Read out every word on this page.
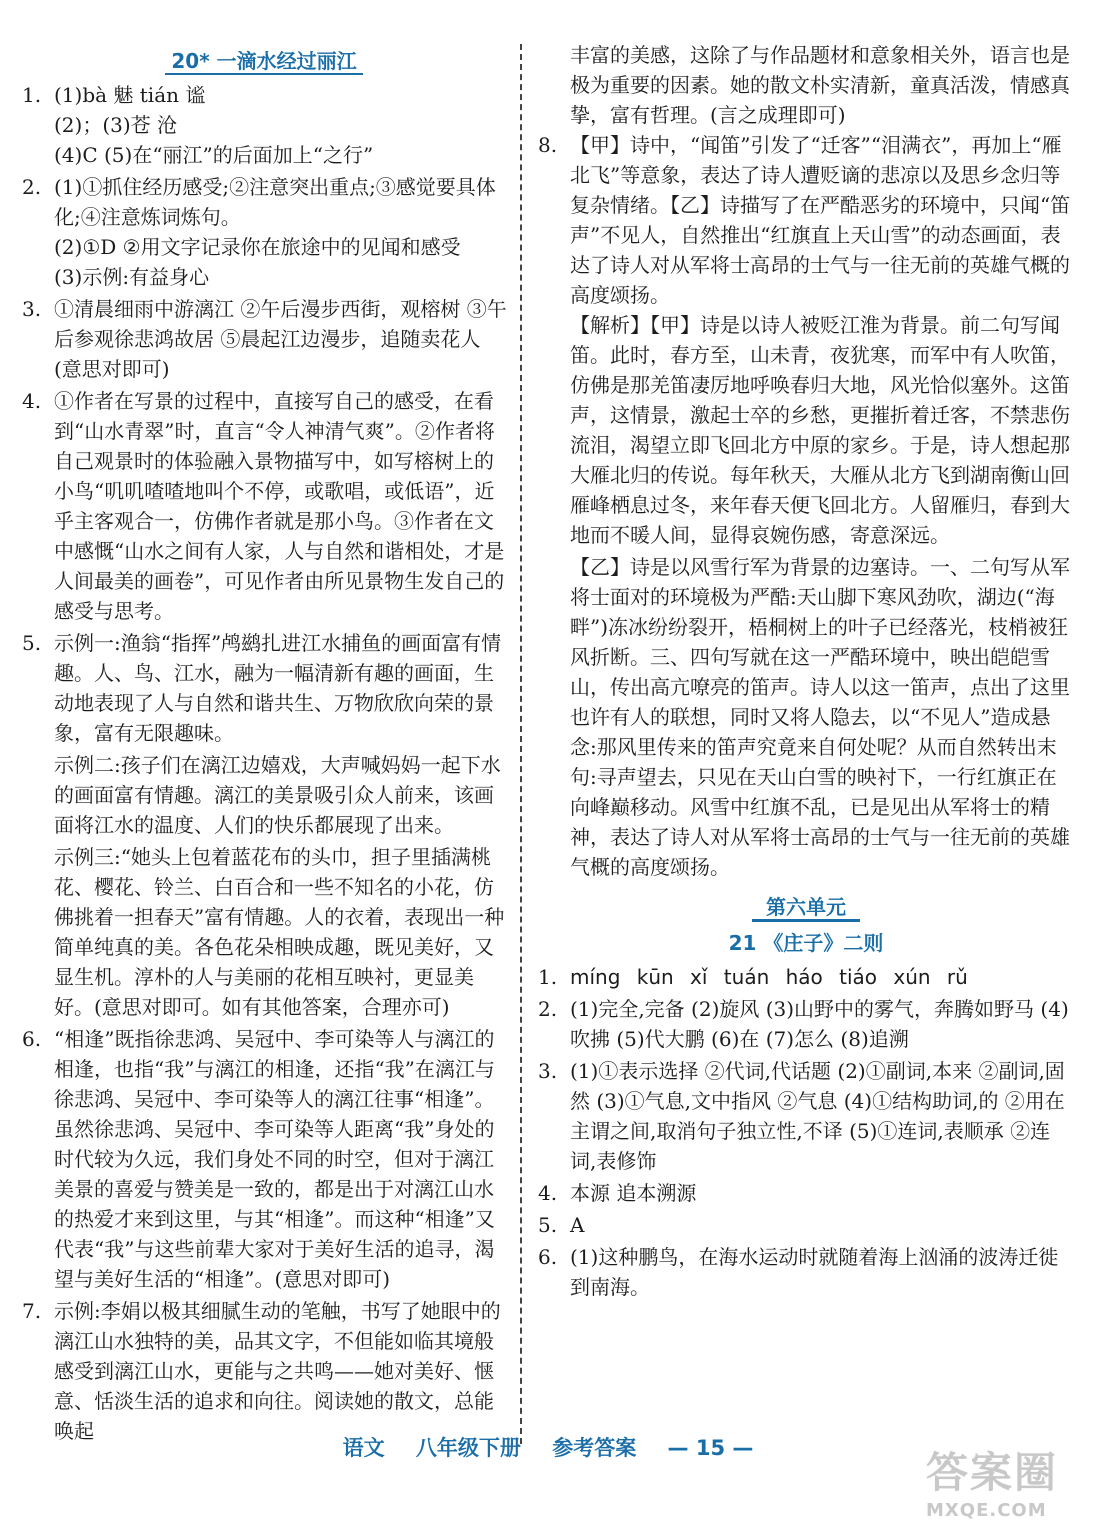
20* 一滴水经过丽江
1. (1)bà 魅 tián 谧

(2)；(3)苍 沧

(4)C (5)在“丽江”的后面加上“之行”

2. (1)①抓住经历感受;②注意突出重点;③感觉要具体化;④注意炼词炼句。

(2)①D ②用文字记录你在旅途中的见闻和感受

(3)示例:有益身心

3. ①清晨细雨中游漓江 ②午后漫步西街，观榕树 ③午后参观徐悲鸿故居 ⑤晨起江边漫步，追随卖花人(意思对即可)

4. ①作者在写景的过程中，直接写自己的感受，在看到“山水青翠”时，直言“令人神清气爽”。②作者将自己观景时的体验融入景物描写中，如写榕树上的小鸟“叽叽喳喳地叫个不停，或歌唱，或低语”，近乎主客观合一，仿佛作者就是那小鸟。③作者在文中感慨“山水之间有人家，人与自然和谐相处，才是人间最美的画卷”，可见作者由所见景物生发自己的感受与思考。

5. 示例一:渔翁“指挥”鸬鹚扎进江水捕鱼的画面富有情趣。人、鸟、江水，融为一幅清新有趣的画面，生动地表现了人与自然和谐共生、万物欣欣向荣的景象，富有无限趣味。

示例二:孩子们在漓江边嬉戏，大声喊妈妈一起下水的画面富有情趣。漓江的美景吸引众人前来，该画面将江水的温度、人们的快乐都展现了出来。

示例三:“她头上包着蓝花布的头巾，担子里插满桃花、樱花、铃兰、白百合和一些不知名的小花，仿佛挑着一担春天”富有情趣。人的衣着，表现出一种简单纯真的美。各色花朵相映成趣，既见美好，又显生机。淳朴的人与美丽的花相互映衬，更显美好。(意思对即可。如有其他答案，合理亦可)

6. “相逢”既指徐悲鸿、吴冠中、李可染等人与漓江的相逢，也指“我”与漓江的相逢，还指“我”在漓江与徐悲鸿、吴冠中、李可染等人的漓江往事“相逢”。虽然徐悲鸿、吴冠中、李可染等人距离“我”身处的时代较为久远，我们身处不同的时空，但对于漓江美景的喜爱与赞美是一致的，都是出于对漓江山水的热爱才来到这里，与其“相逢”。而这种“相逢”又代表“我”与这些前辈大家对于美好生活的追寻，渴望与美好生活的“相逢”。(意思对即可)

7. 示例:李娟以极其细腻生动的笔触，书写了她眼中的漓江山水独特的美，品其文字，不但能如临其境般感受到漓江山水，更能与之共鸣——她对美好、惬意、恬淡生活的追求和向往。阅读她的散文，总能唤起

丰富的美感，这除了与作品题材和意象相关外，语言也是极为重要的因素。她的散文朴实清新，童真活泼，情感真挚，富有哲理。(言之成理即可)

8. 【甲】诗中，“闻笛”引发了“迁客”“泪满衣”，再加上“雁北飞”等意象，表达了诗人遭贬谪的悲凉以及思乡念归等复杂情绪。【乙】诗描写了在严酷恶劣的环境中，只闻“笛声”不见人，自然推出“红旗直上天山雪”的动态画面，表达了诗人对从军将士高昂的士气与一往无前的英雄气概的高度颂扬。

【解析】【甲】诗是以诗人被贬江淮为背景。前二句写闻笛。此时，春方至，山未青，夜犹寒，而军中有人吹笛，仿佛是那羌笛凄厉地呼唤春归大地，风光恰似塞外。这笛声，这情景，激起士卒的乡愁，更摧折着迁客，不禁悲伤流泪，渴望立即飞回北方中原的家乡。于是，诗人想起那大雁北归的传说。每年秋天，大雁从北方飞到湖南衡山回雁峰栖息过冬，来年春天便飞回北方。人留雁归，春到大地而不暖人间，显得哀婉伤感，寄意深远。

【乙】诗是以风雪行军为背景的边塞诗。一、二句写从军将士面对的环境极为严酷:天山脚下寒风劲吹，湖边(“海畔”)冻冰纷纷裂开，梧桐树上的叶子已经落光，枝梢被狂风折断。三、四句写就在这一严酷环境中，映出皑皑雪山，传出高亢嘹亮的笛声。诗人以这一笛声，点出了这里也许有人的联想，同时又将人隐去，以“不见人”造成悬念:那风里传来的笛声究竟来自何处呢？从而自然转出末句:寻声望去，只见在天山白雪的映衬下，一行红旗正在向峰巅移动。风雪中红旗不乱，已是见出从军将士的精神，表达了诗人对从军将士高昂的士气与一往无前的英雄气概的高度颂扬。

第六单元
21 《庄子》二则
1. míng kūn xǐ tuán háo tiáo xún rǔ

2. (1)完全,完备 (2)旋风 (3)山野中的雾气，奔腾如野马 (4)吹拂 (5)代大鹏 (6)在 (7)怎么 (8)追溯

3. (1)①表示选择 ②代词,代话题 (2)①副词,本来 ②副词,固然 (3)①气息,文中指风 ②气息 (4)①结构助词,的 ②用在主谓之间,取消句子独立性,不译 (5)①连词,表顺承 ②连词,表修饰

4. 本源 追本溯源

5. A

6. (1)这种鹏鸟，在海水运动时就随着海上汹涌的波涛迁徙到南海。

语文 八年级下册 参考答案 — 15 —	答案圈
MXQE.COM
